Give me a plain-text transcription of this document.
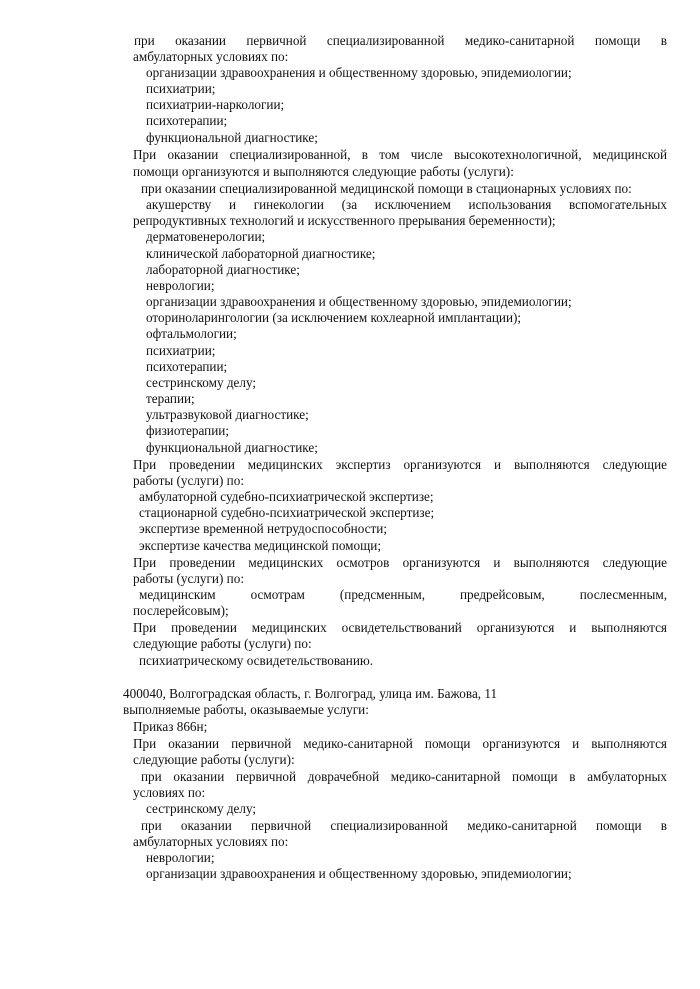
при оказании первичной специализированной медико-санитарной помощи в

амбулаторных условиях по:

организации здравоохранения и общественному здоровью, эпидемиологии;

психиатрии;

психиатрии-наркологии;

психотерапии;

функциональной диагностике;

При оказании специализированной, в том числе высокотехнологичной, медицинской

помощи организуются и выполняются следующие работы (услуги):

при оказании специализированной медицинской помощи в стационарных условиях по:

акушерству и гинекологии (за исключением использования вспомогательных

репродуктивных технологий и искусственного прерывания беременности);

дерматовенерологии;

клинической лабораторной диагностике;

лабораторной диагностике;

неврологии;

организации здравоохранения и общественному здоровью, эпидемиологии;

оториноларингологии (за исключением кохлеарной имплантации);

офтальмологии;

психиатрии;

психотерапии;

сестринскому делу;

терапии;

ультразвуковой диагностике;

физиотерапии;

функциональной диагностике;

При проведении медицинских экспертиз организуются и выполняются следующие

работы (услуги) по:

амбулаторной судебно-психиатрической экспертизе;

стационарной судебно-психиатрической экспертизе;

экспертизе временной нетрудоспособности;

экспертизе качества медицинской помощи;

При проведении медицинских осмотров организуются и выполняются следующие

работы (услуги) по:

медицинским осмотрам (предсменным, предрейсовым, послесменным,

послерейсовым);

При проведении медицинских освидетельствований организуются и выполняются

следующие работы (услуги) по:

психиатрическому освидетельствованию.

400040, Волгоградская область, г. Волгоград, улица им. Бажова, 11

выполняемые работы, оказываемые услуги:

Приказ 866н;

При оказании первичной медико-санитарной помощи организуются и выполняются

следующие работы (услуги):

при оказании первичной доврачебной медико-санитарной помощи в амбулаторных

условиях по:

сестринскому делу;

при оказании первичной специализированной медико-санитарной помощи в

амбулаторных условиях по:

неврологии;

организации здравоохранения и общественному здоровью, эпидемиологии;
